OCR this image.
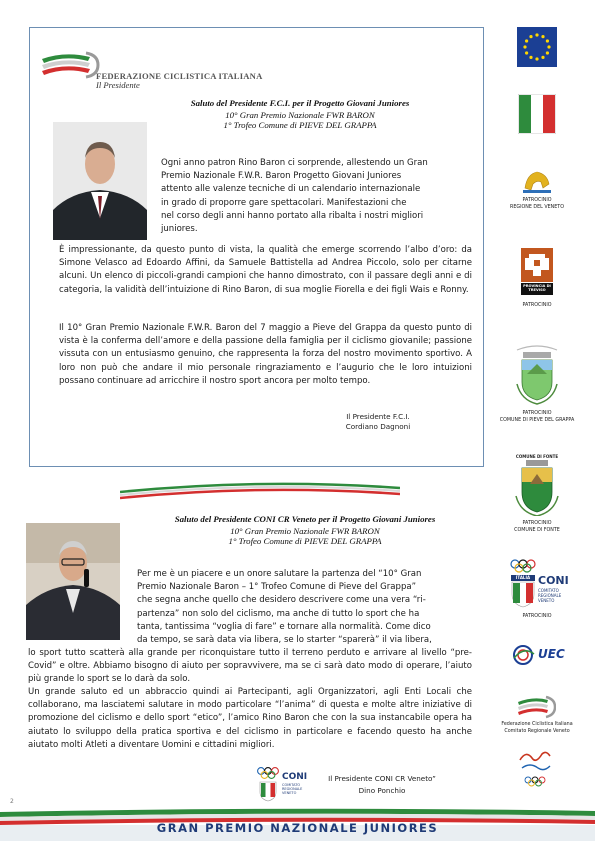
FEDERAZIONE CICLISTICA ITALIANA
Il Presidente
Saluto del Presidente F.C.I. per il Progetto Giovani Juniores
10° Gran Premio Nazionale FWR BARON
1° Trofeo Comune di PIEVE DEL GRAPPA
Ogni anno patron Rino Baron ci sorprende, allestendo un Gran
Premio Nazionale F.W.R. Baron Progetto Giovani Juniores
attento alle valenze tecniche di un calendario internazionale
in grado di proporre gare spettacolari. Manifestazioni che
nel corso degli anni hanno portato alla ribalta i nostri migliori
juniores.
È impressionante, da questo punto di vista, la qualità che emerge scorrendo l’albo d’oro: da Simone Velasco ad Edoardo Affini, da Samuele Battistella ad Andrea Piccolo, solo per citarne alcuni. Un elenco di piccoli-grandi campioni che hanno dimostrato, con il passare degli anni e di categoria, la validità dell’intuizione di Rino Baron, di sua moglie Fiorella e dei figli Wais e Ronny.
Il 10° Gran Premio Nazionale F.W.R. Baron del 7 maggio a Pieve del Grappa da questo punto di vista è la conferma dell’amore e della passione della famiglia per il ciclismo giovanile; passione vissuta con un entusiasmo genuino, che rappresenta la forza del nostro movimento sportivo. A loro non può che andare il mio personale ringraziamento e l’augurio che le loro intuizioni possano continuare ad arricchire il nostro sport ancora per molto tempo.
Il Presidente F.C.I.
Cordiano Dagnoni
Saluto del Presidente CONI CR Veneto per il Progetto Giovani Juniores
10° Gran Premio Nazionale FWR BARON
1° Trofeo Comune di PIEVE DEL GRAPPA
Per me è un piacere e un onore salutare la partenza del “10° Gran
Premio Nazionale Baron – 1° Trofeo Comune di Pieve del Grappa”
che segna anche quello che desidero descrivere come una vera “ri-
partenza” non solo del ciclismo, ma anche di tutto lo sport che ha
tanta, tantissima “voglia di fare” e tornare alla normalità. Come dico
da tempo, se sarà data via libera, se lo starter “sparerà” il via libera,
lo sport tutto scatterà alla grande per riconquistare tutto il terreno perduto e arrivare al livello “pre-Covid” e oltre. Abbiamo bisogno di aiuto per sopravvivere, ma se ci sarà dato modo di operare, l’aiuto più grande lo sport se lo darà da solo.
Un grande saluto ed un abbraccio quindi ai Partecipanti, agli Organizzatori, agli Enti Locali che collaborano, ma lasciatemi salutare in modo particolare “l’anima” di questa e molte altre iniziative di promozione del ciclismo e dello sport “etico”, l’amico Rino Baron che con la sua instancabile opera ha aiutato lo sviluppo della pratica sportiva e del ciclismo in particolare e facendo questo ha anche aiutato molti Atleti a diventare Uomini e cittadini migliori.
CONI
COMITATO REGIONALE VENETO
Il Presidente CONI CR Veneto”
Dino Ponchio
PATROCINIO
REGIONE DEL VENETO
PROVINCIA DI TREVISO
PATROCINIO
PATROCINIO
COMUNE DI PIEVE DEL GRAPPA
COMUNE DI FONTE
PATROCINIO
COMUNE DI FONTE
ITALIA CONI
COMITATO REGIONALE VENETO
PATROCINIO
UEC
Federazione Ciclistica Italiana
Comitato Regionale Veneto
2
GRAN PREMIO NAZIONALE JUNIORES
